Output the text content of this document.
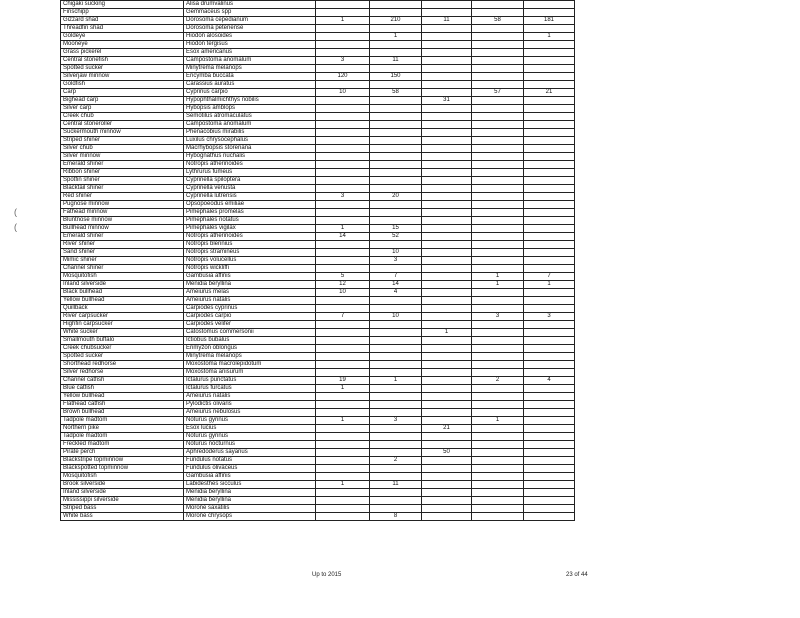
Chigaki sucking	Alisa drumvalinus					
Finschipp	Gemmaceus spp					
Gizzard shad	Dorosoma cepedianum	1	210	11	58	181
Threadfin shad	Dorosoma petenense					
Goldeye	Hiodon alosoides		1			1
Mooneye	Hiodon tergisus					
Grass pickerel	Esox americanus					
Central stonefish	Campostoma anomalum	3	11			
Spotted sucker	Minytrema melanops					
Silverjaw minnow	Ericymba buccata	120	150			
Goldfish	Carassius auratus					
Carp	Cyprinus carpio	10	58		57	21
Bighead carp	Hypophthalmichthys nobilis			31		
Silver carp	Hybopsis amblops					
Creek chub	Semotilus atromaculatus					
Central stoneroller	Campostoma anomalum					
Suckermouth minnow	Phenacobius mirabilis					
Striped shiner	Luxilus chrysocephalus					
Silver chub	Macrhybopsis storeriana					
Silver minnow	Hybognathus nuchalis					
Emerald shiner	Notropis atherinoides					
Ribbon shiner	Lythrurus fumeus					
Spotfin shiner	Cyprinella spiloptera					
Blacktail shiner	Cyprinella venusta					
Red shiner	Cyprinella lutrensis	3	20			
Pugnose minnow	Opsopoeodus emiliae					
Fathead minnow	Pimephales promelas					
Bluntnose minnow	Pimephales notatus					
Bullhead minnow	Pimephales vigilax	1	15			
Emerald shiner	Notropis atherinoides	14	52			
River shiner	Notropis blennius					
Sand shiner	Notropis stramineus		10			
Mimic shiner	Notropis volucellus		3			
Channel shiner	Notropis wickliffi					
Mosquitofish	Gambusia affinis	5	7		1	7
Inland silverside	Menidia beryllina	12	14		1	1
Black bullhead	Ameiurus melas	10	4			
Yellow bullhead	Ameiurus natalis					
Quillback	Carpiodes cyprinus					
River carpsucker	Carpiodes carpio	7	10		3	3
Highfin carpsucker	Carpiodes velifer					
White sucker	Catostomus commersonii			1		
Smallmouth buffalo	Ictiobus bubalus					
Creek chubsucker	Erimyzon oblongus					
Spotted sucker	Minytrema melanops					
Shorthead redhorse	Moxostoma macrolepidotum					
Silver redhorse	Moxostoma anisurum					
Channel catfish	Ictalurus punctatus	19	1		2	4
Blue catfish	Ictalurus furcatus	1				
Yellow bullhead	Ameiurus natalis					
Flathead catfish	Pylodictis olivaris					
Brown bullhead	Ameiurus nebulosus					
Tadpole madtom	Noturus gyrinus	1	3		1	
Northern pike	Esox lucius			21		
Tadpole madtom	Noturus gyrinus					
Freckled madtom	Noturus nocturnus					
Pirate perch	Aphredoderus sayanus			50		
Blackstripe topminnow	Fundulus notatus		2			
Blackspotted topminnow	Fundulus olivaceus					
Mosquitofish	Gambusia affinis					
Brook silverside	Labidesthes sicculus	1	11			
Inland silverside	Menidia beryllina					
Mississippi silverside	Menidia beryllina					
Striped bass	Morone saxatilis					
White bass	Morone chrysops		8			
Up to 2015	23 of 44
(
(
